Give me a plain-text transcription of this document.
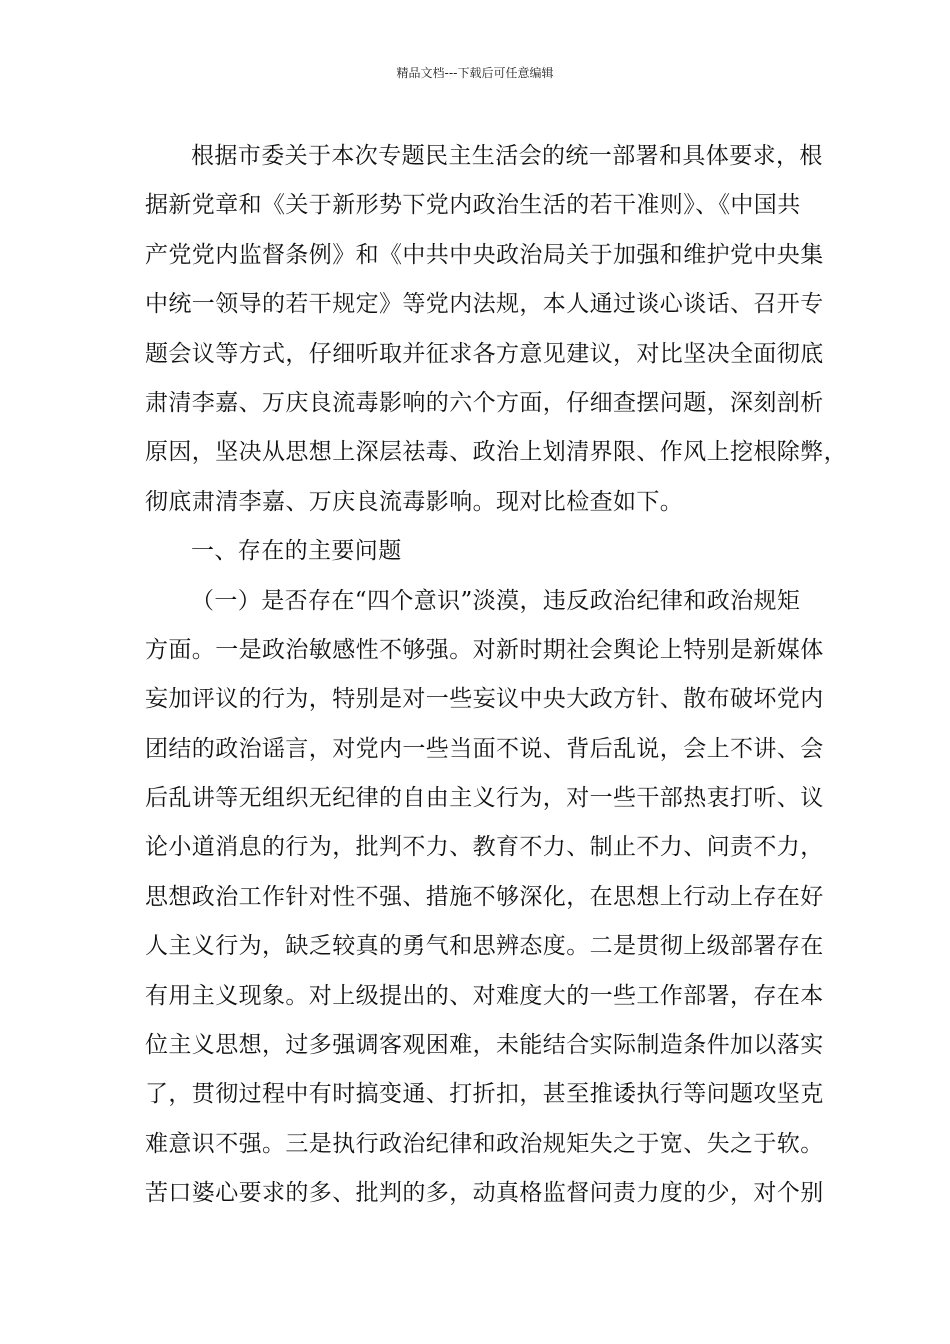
精品文档---下载后可任意编辑
根据市委关于本次专题民主生活会的统一部署和具体要求，根
据新党章和《关于新形势下党内政治生活的若干准则》、《中国共
产党党内监督条例》和《中共中央政治局关于加强和维护党中央集
中统一领导的若干规定》等党内法规，本人通过谈心谈话、召开专
题会议等方式，仔细听取并征求各方意见建议，对比坚决全面彻底
肃清李嘉、万庆良流毒影响的六个方面，仔细查摆问题，深刻剖析
原因，坚决从思想上深层祛毒、政治上划清界限、作风上挖根除弊，
彻底肃清李嘉、万庆良流毒影响。现对比检查如下。
一、存在的主要问题
（一）是否存在“四个意识”淡漠，违反政治纪律和政治规矩
方面。一是政治敏感性不够强。对新时期社会舆论上特别是新媒体
妄加评议的行为，特别是对一些妄议中央大政方针、散布破坏党内
团结的政治谣言，对党内一些当面不说、背后乱说，会上不讲、会
后乱讲等无组织无纪律的自由主义行为，对一些干部热衷打听、议
论小道消息的行为，批判不力、教育不力、制止不力、问责不力，
思想政治工作针对性不强、措施不够深化，在思想上行动上存在好
人主义行为，缺乏较真的勇气和思辨态度。二是贯彻上级部署存在
有用主义现象。对上级提出的、对难度大的一些工作部署，存在本
位主义思想，过多强调客观困难，未能结合实际制造条件加以落实
了，贯彻过程中有时搞变通、打折扣，甚至推诿执行等问题攻坚克
难意识不强。三是执行政治纪律和政治规矩失之于宽、失之于软。
苦口婆心要求的多、批判的多，动真格监督问责力度的少，对个别
